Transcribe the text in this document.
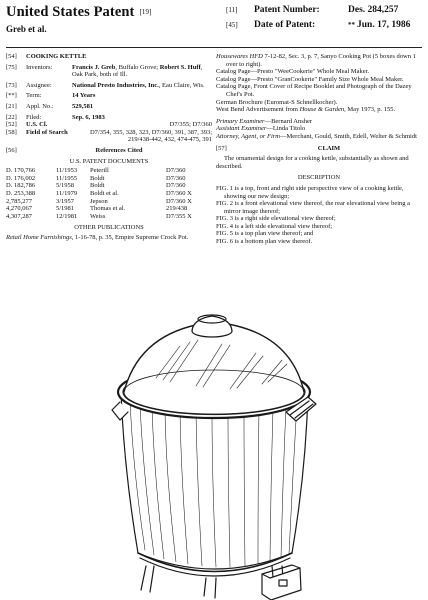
United States Patent [19]
Greb et al.
[11]	Patent Number:	Des. 284,257
[45]	Date of Patent:	** Jun. 17, 1986
[54]	COOKING KETTLE
[75]	Inventors:	Francis J. Greb, Buffalo Grove; Robert S. Huff, Oak Park, both of Ill.
[73]	Assignee:	National Presto Industries, Inc., Eau Claire, Wis.
[**]	Term:	14 Years
[21]	Appl. No.:	529,581
[22]	Filed:	Sep. 6, 1983
[52]	U.S. Cl.	D7/355; D7/360
[58]	Field of Search	D7/354, 355, 328, 323, D7/360, 391, 387, 393; 219/438-442, 432, 474-475, 391
[56]	References Cited
U.S. PATENT DOCUMENTS
D. 170,766	11/1953	Peterill	D7/360
D. 176,002	11/1955	Boldt	D7/360
D. 182,786	5/1958	Boldt	D7/360
D. 253,388	11/1979	Boldt et al.	D7/360 X
2,785,277	3/1957	Jepson	D7/360 X
4,270,067	5/1981	Thomas et al.	219/438
4,307,287	12/1981	Weiss	D7/355 X
OTHER PUBLICATIONS
Retail Home Furnishings, 1-16-78, p. 35, Empire Supreme Crock Pot.
Housewares HFD 7-12-82, Sec. 3, p. 7, Sanyo Cooking Pot (5 boxes down 1 over to right).
Catalog Page—Presto "WeeCookerie" Whole Meal Maker.
Catalog Page—Presto "GranCookerie" Family Size Whole Meal Maker.
Catalog Page, Front Cover of Recipe Booklet and Photograph of the Dazey Chef's Pot.
German Brochure (Euromat-S Schnellkocher).
West Bend Advertisement from House & Garden, May 1973, p. 155.
Primary Examiner—Bernard Ansher
Assistant Examiner—Linda Titolo
Attorney, Agent, or Firm—Merchant, Gould, Smith, Edell, Welter & Schmidt
[57]	CLAIM
The ornamental design for a cooking kettle, substantially as shown and described.
DESCRIPTION
FIG. 1 is a top, front and right side perspective view of a cooking kettle, showing our new design;
FIG. 2 is a front elevational view thereof, the rear elevational view being a mirror image thereof;
FIG. 3 is a right side elevational view thereof;
FIG. 4 is a left side elevational view thereof;
FIG. 5 is a top plan view thereof; and
FIG. 6 is a bottom plan view thereof.
